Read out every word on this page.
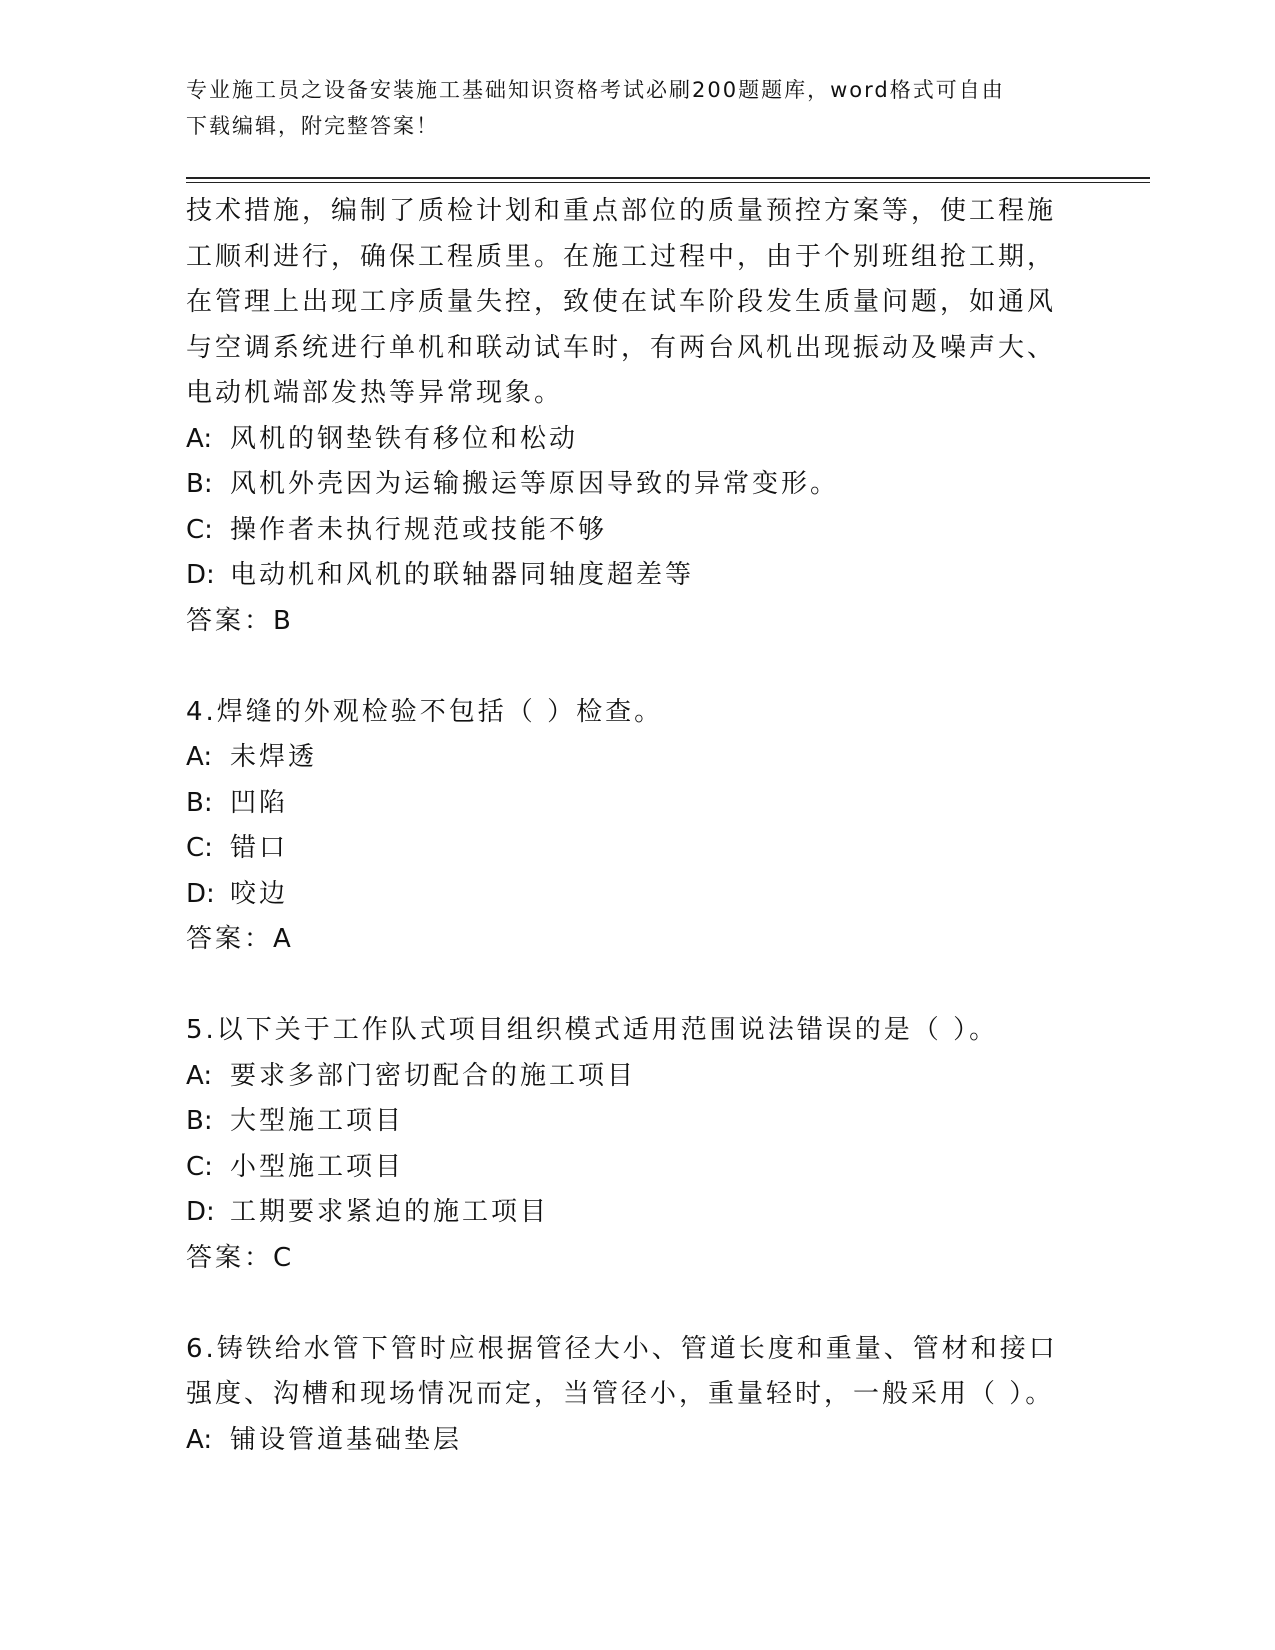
专业施工员之设备安装施工基础知识资格考试必刷200题题库，word格式可自由
下载编辑，附完整答案！

技术措施，编制了质检计划和重点部位的质量预控方案等，使工程施

工顺利进行，确保工程质里。在施工过程中，由于个别班组抢工期，

在管理上出现工序质量失控，致使在试车阶段发生质量问题，如通风

与空调系统进行单机和联动试车时，有两台风机出现振动及噪声大、

电动机端部发热等异常现象。

A: 风机的钢垫铁有移位和松动
B: 风机外壳因为运输搬运等原因导致的异常变形。
C: 操作者未执行规范或技能不够
D: 电动机和风机的联轴器同轴度超差等
答案：B
4.焊缝的外观检验不包括（ ）检查。
A: 未焊透
B: 凹陷
C: 错口
D: 咬边
答案：A
5.以下关于工作队式项目组织模式适用范围说法错误的是（ ）。
A: 要求多部门密切配合的施工项目
B: 大型施工项目
C: 小型施工项目
D: 工期要求紧迫的施工项目
答案：C
6.铸铁给水管下管时应根据管径大小、管道长度和重量、管材和接口
强度、沟槽和现场情况而定，当管径小，重量轻时，一般采用（ ）。
A: 铺设管道基础垫层
